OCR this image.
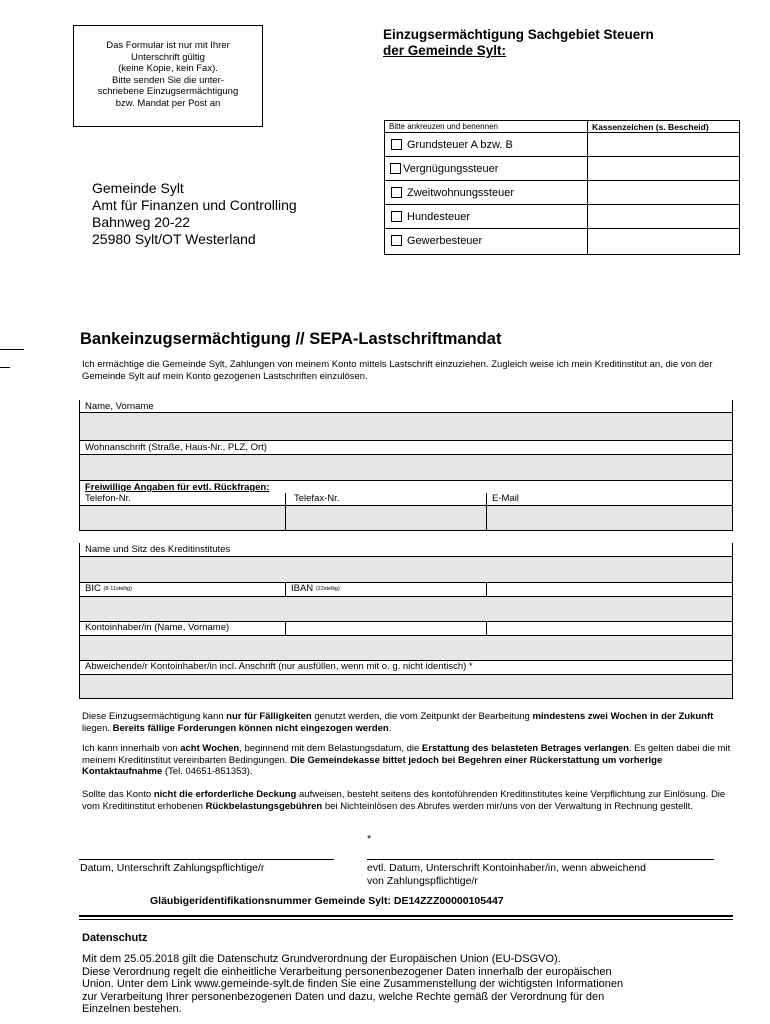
Das Formular ist nur mit Ihrer
Unterschrift gültig
(keine Kopie, kein Fax).
Bitte senden Sie die unter-
schriebene Einzugsermächtigung
bzw. Mandat per Post an
Einzugsermächtigung Sachgebiet Steuern
der Gemeinde Sylt:
Gemeinde Sylt
Amt für Finanzen und Controlling
Bahnweg 20-22
25980 Sylt/OT Westerland
Bitte ankreuzen und benennen	Kassenzeichen (s. Bescheid)
Grundsteuer A bzw. B
Vergnügungssteuer
Zweitwohnungssteuer
Hundesteuer
Gewerbesteuer
Bankeinzugsermächtigung // SEPA-Lastschriftmandat
Ich ermächtige die Gemeinde Sylt, Zahlungen von meinem Konto mittels Lastschrift einzuziehen. Zugleich weise ich mein Kreditinstitut an, die von der Gemeinde Sylt auf mein Konto gezogenen Lastschriften einzulösen.
Name, Vorname
Wohnanschrift (Straße, Haus-Nr., PLZ, Ort)
Freiwillige Angaben für evtl. Rückfragen:
Telefon-Nr.	Telefax-Nr.	E-Mail
Name und Sitz des Kreditinstitutes
BIC $^{(8-11stellig)}$	IBAN $^{(22stellig)}$
Kontoinhaber/in (Name, Vorname)
Abweichende/r Kontoinhaber/in incl. Anschrift (nur ausfüllen, wenn mit o. g. nicht identisch) *
Diese Einzugsermächtigung kann nur für Fälligkeiten genutzt werden, die vom Zeitpunkt der Bearbeitung mindestens zwei Wochen in der Zukunft liegen. Bereits fällige Forderungen können nicht eingezogen werden.
Ich kann innerhalb von acht Wochen, beginnend mit dem Belastungsdatum, die Erstattung des belasteten Betrages verlangen. Es gelten dabei die mit meinem Kreditinstitut vereinbarten Bedingungen. Die Gemeindekasse bittet jedoch bei Begehren einer Rückerstattung um vorherige Kontaktaufnahme (Tel. 04651-851353).
Sollte das Konto nicht die erforderliche Deckung aufweisen, besteht seitens des kontoführenden Kreditinstitutes keine Verpflichtung zur Einlösung. Die vom Kreditinstitut erhobenen Rückbelastungsgebühren bei Nichteinlösen des Abrufes werden mir/uns von der Verwaltung in Rechnung gestellt.
*
Datum, Unterschrift Zahlungspflichtige/r	evtl. Datum, Unterschrift Kontoinhaber/in, wenn abweichend
von Zahlungspflichtige/r
Gläubigeridentifikationsnummer Gemeinde Sylt: DE14ZZZ00000105447
Datenschutz
Mit dem 25.05.2018 gilt die Datenschutz Grundverordnung der Europäischen Union (EU-DSGVO).
Diese Verordnung regelt die einheitliche Verarbeitung personenbezogener Daten innerhalb der europäischen
Union. Unter dem Link www.gemeinde-sylt.de finden Sie eine Zusammenstellung der wichtigsten Informationen
zur Verarbeitung Ihrer personenbezogenen Daten und dazu, welche Rechte gemäß der Verordnung für den
Einzelnen bestehen.
